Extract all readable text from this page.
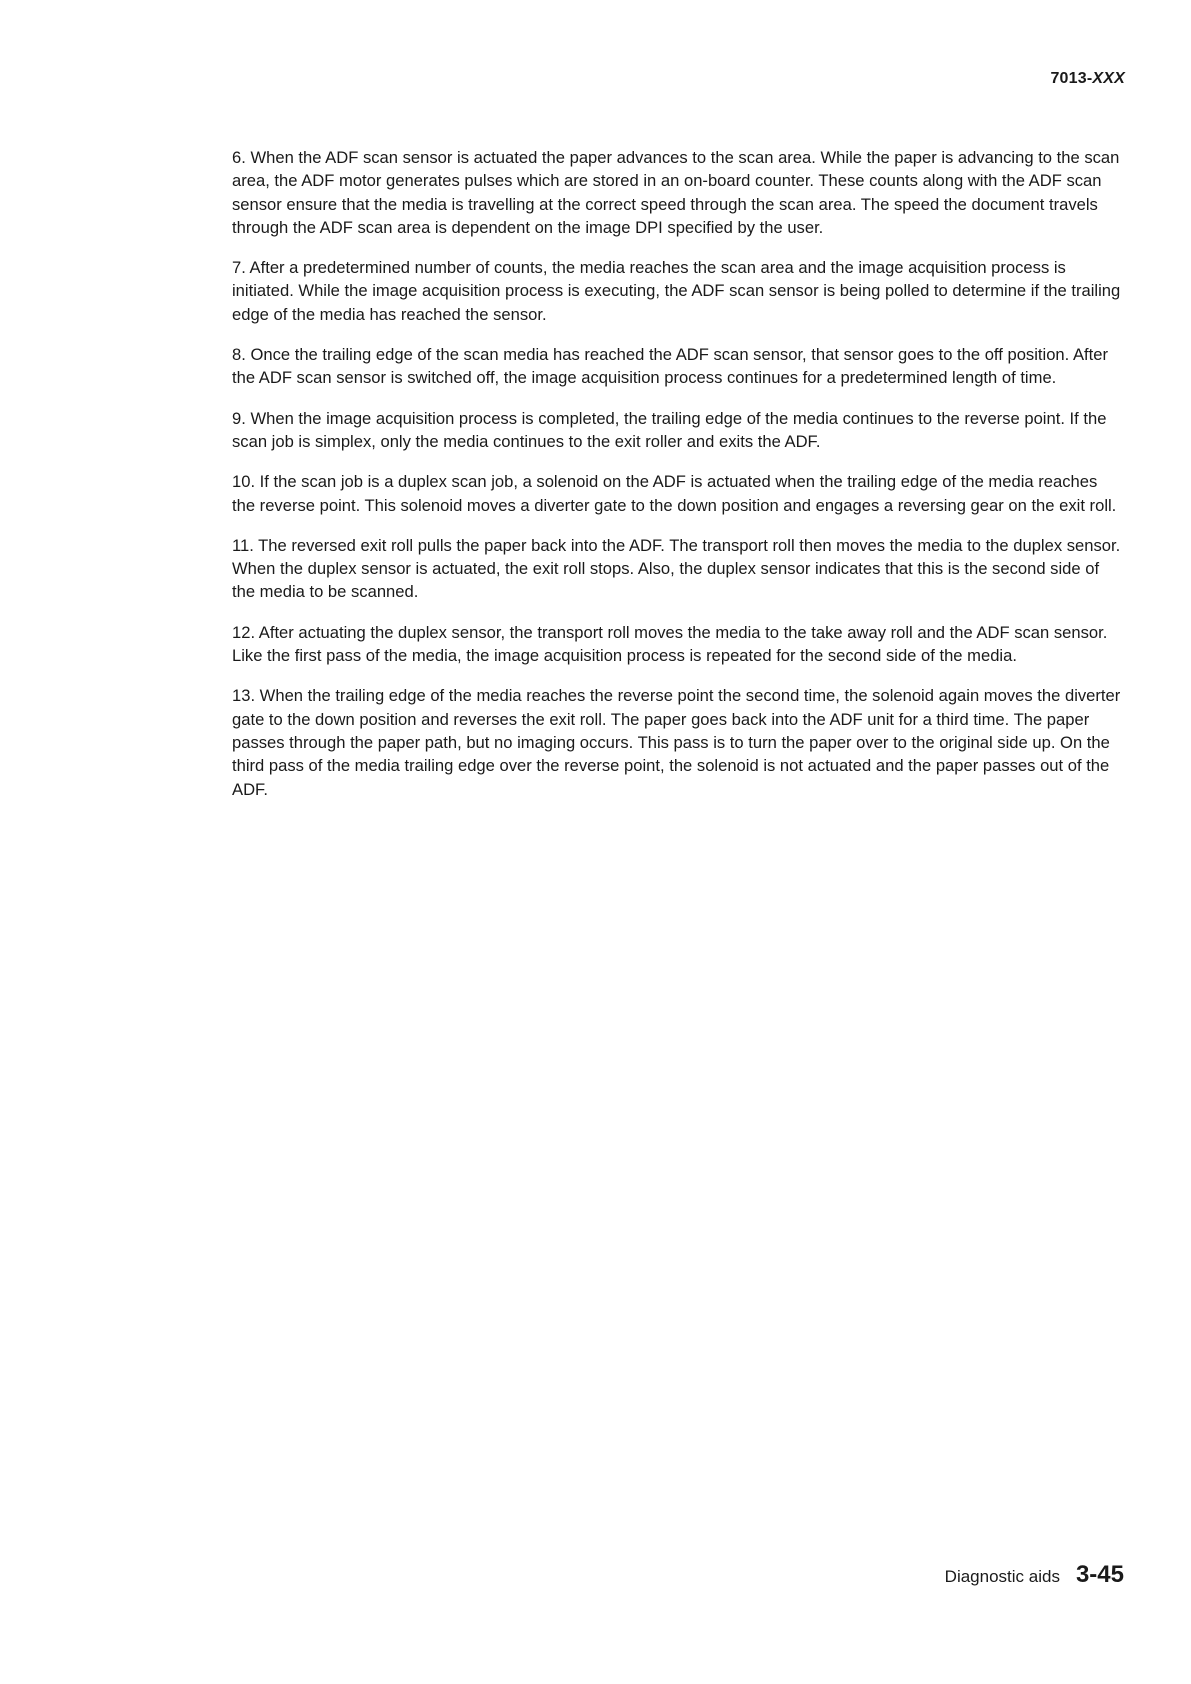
7013-XXX

6. When the ADF scan sensor is actuated the paper advances to the scan area. While the paper is advancing to the scan area, the ADF motor generates pulses which are stored in an on-board counter. These counts along with the ADF scan sensor ensure that the media is travelling at the correct speed through the scan area. The speed the document travels through the ADF scan area is dependent on the image DPI specified by the user.

7. After a predetermined number of counts, the media reaches the scan area and the image acquisition process is initiated. While the image acquisition process is executing, the ADF scan sensor is being polled to determine if the trailing edge of the media has reached the sensor.

8. Once the trailing edge of the scan media has reached the ADF scan sensor, that sensor goes to the off position. After the ADF scan sensor is switched off, the image acquisition process continues for a predetermined length of time.

9. When the image acquisition process is completed, the trailing edge of the media continues to the reverse point. If the scan job is simplex, only the media continues to the exit roller and exits the ADF.

10. If the scan job is a duplex scan job, a solenoid on the ADF is actuated when the trailing edge of the media reaches the reverse point. This solenoid moves a diverter gate to the down position and engages a reversing gear on the exit roll.

11. The reversed exit roll pulls the paper back into the ADF. The transport roll then moves the media to the duplex sensor. When the duplex sensor is actuated, the exit roll stops. Also, the duplex sensor indicates that this is the second side of the media to be scanned.

12. After actuating the duplex sensor, the transport roll moves the media to the take away roll and the ADF scan sensor. Like the first pass of the media, the image acquisition process is repeated for the second side of the media.

13. When the trailing edge of the media reaches the reverse point the second time, the solenoid again moves the diverter gate to the down position and reverses the exit roll. The paper goes back into the ADF unit for a third time. The paper passes through the paper path, but no imaging occurs. This pass is to turn the paper over to the original side up. On the third pass of the media trailing edge over the reverse point, the solenoid is not actuated and the paper passes out of the ADF.

Diagnostic aids 3-45
